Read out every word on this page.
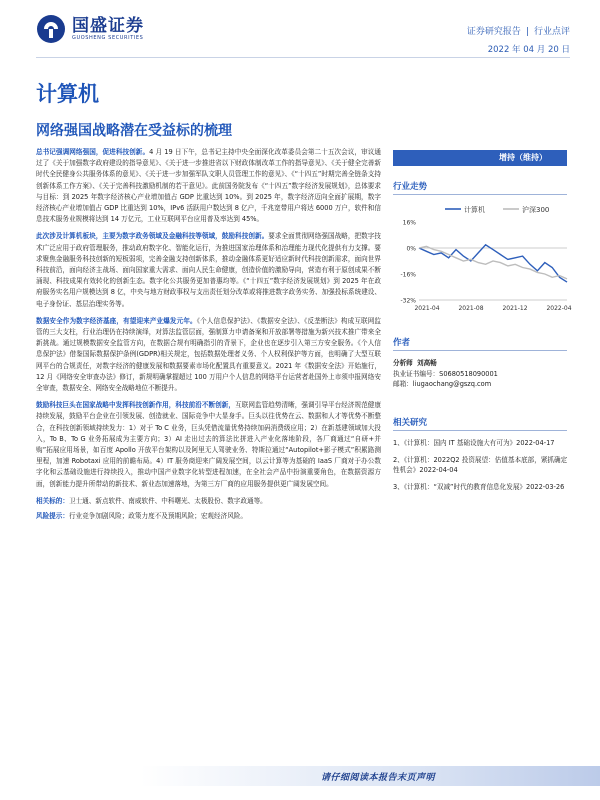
国盛证券
GUOSHENG SECURITIES
证券研究报告 | 行业点评
2022 年 04 月 20 日
计算机
网络强国战略潜在受益标的梳理

总书记强调网络强国，促进科技创新。4 月 19 日下午，总书记主持中央全面深化改革委员会第二十五次会议，审议通过了《关于加强数字政府建设的指导意见》、《关于进一步推进省以下财政体制改革工作的指导意见》、《关于健全完善新时代全民健身公共服务体系的意见》、《关于进一步加强军队文职人员管理工作的意见》、《“十四五”时期完善全链条支持创新体系工作方案》、《关于完善科技激励机制的若干意见》。此前国务院发布《“十四五”数字经济发展规划》，总体要求与目标：到 2025 年数字经济核心产业增加值占 GDP 比重达到 10%。到 2025 年，数字经济迈向全面扩展期，数字经济核心产业增加值占 GDP 比重达到 10%，IPv6 活跃用户数达到 8 亿户，千兆宽带用户将达 6000 万户，软件和信息技术服务业规模将达到 14 万亿元，工业互联网平台应用普及率达到 45%。

此次涉及计算机板块，主要为数字政务领域及金融科技等领域，鼓励科技创新。要求全面贯彻网络强国战略，把数字技术广泛应用于政府管理服务，推动政府数字化、智能化运行，为推进国家治理体系和治理能力现代化提供有力支撑。要求聚焦金融服务科技创新的短板弱项，完善金融支持创新体系，推动金融体系更好适应新时代科技创新需求，面向世界科技前沿，面向经济主战场、面向国家重大需求、面向人民生命健康，创造价值的激励导向，营造有利于原创成果不断涌现、科技成果有效转化的创新生态。数字化公共服务更加普惠均等。《“十四五”数字经济发展规划》到 2025 年在政府服务实名用户规模达到 8 亿，中央与地方财政事权与支出责任划分改革或将推进数字政务实务、加强投标系统建设、电子身份证、基层治理实务等。

数据安全作为数字经济基座，有望迎来产业爆发元年。《个人信息保护法》、《数据安全法》、《反垄断法》构成互联网监管的三大支柱，行业治理仍在持续演绎，对算法监管层面，强制算力申请备案和开放部署等措施为新兴技术推广带来全新挑战。通过规模数据安全监管方向，在数据合规有明确指引的背景下，企业也在逐步引入第三方安全服务。《个人信息保护法》借鉴国际数据保护条例(GDPR)相关规定，包括数据处理者义务、个人权利保护等方面，也明确了大型互联网平台的合规责任，对数字经济的健康发展和数据要素市场化配置具有重要意义。2021 年《数据安全法》开始施行，12 月《网络安全审查办法》修订，新规明确掌握超过 100 万用户个人信息的网络平台运营者赴国外上市须申报网络安全审查，数据安全、网络安全战略地位不断提升。

鼓励科技巨头在国家战略中发挥科技创新作用，科技前沿不断创新，互联网监管趋势清晰，强调引导平台经济规范健康持续发展，鼓励平台企业在引领发展、创造就业、国际竞争中大显身手。巨头以往优势在云、数据和人才等优势不断整合，在科技创新领域持续发力：1）对于 To C 业务，巨头凭借流量优势持续加码消费级应用；2）在新基建领域加大投入，To B、To G 业务拓展成为主要方向；3）AI 走出过去的算法比拼进入产业化落地阶段，各厂商通过“自研+并购”拓展应用场景，如百度 Apollo 开放平台架构以及阿里无人驾驶业务、特斯拉通过“Autopilot+影子模式”积累路测里程，加速 Robotaxi 应用的前瞻布局。4）IT 服务商迎来广阔发展空间，以云计算等为基础的 IaaS 厂商对于办公数字化和云基础设施进行持续投入，推动中国产业数字化转型进程加速，在全社会产品中扮演重要角色，在数据资源方面，创新能力提升所带动的新技术、新业态加速落地，为第三方厂商的应用服务提供更广阔发展空间。

相关标的：卫士通、新点软件、南威软件、中科曙光、太极股份、数字政通等。

风险提示：行业竞争加剧风险；政策力度不及预期风险；宏观经济风险。

增持（维持）
行业走势
计算机	沪深300
16%
0%
-16%
-32%
2021-04	2021-08	2021-12	2022-04
作者
分析师 刘高畅
执业证书编号：S0680518090001
邮箱：liugaochang@gszq.com
相关研究
1、《计算机：国内 IT 基础设施大有可为》2022-04-17
2、《计算机：2022Q2 投资展望：估值基本底部，紧抓确定性机会》2022-04-04
3、《计算机：“双减”时代的教育信息化发展》2022-03-26
请仔细阅读本报告末页声明
